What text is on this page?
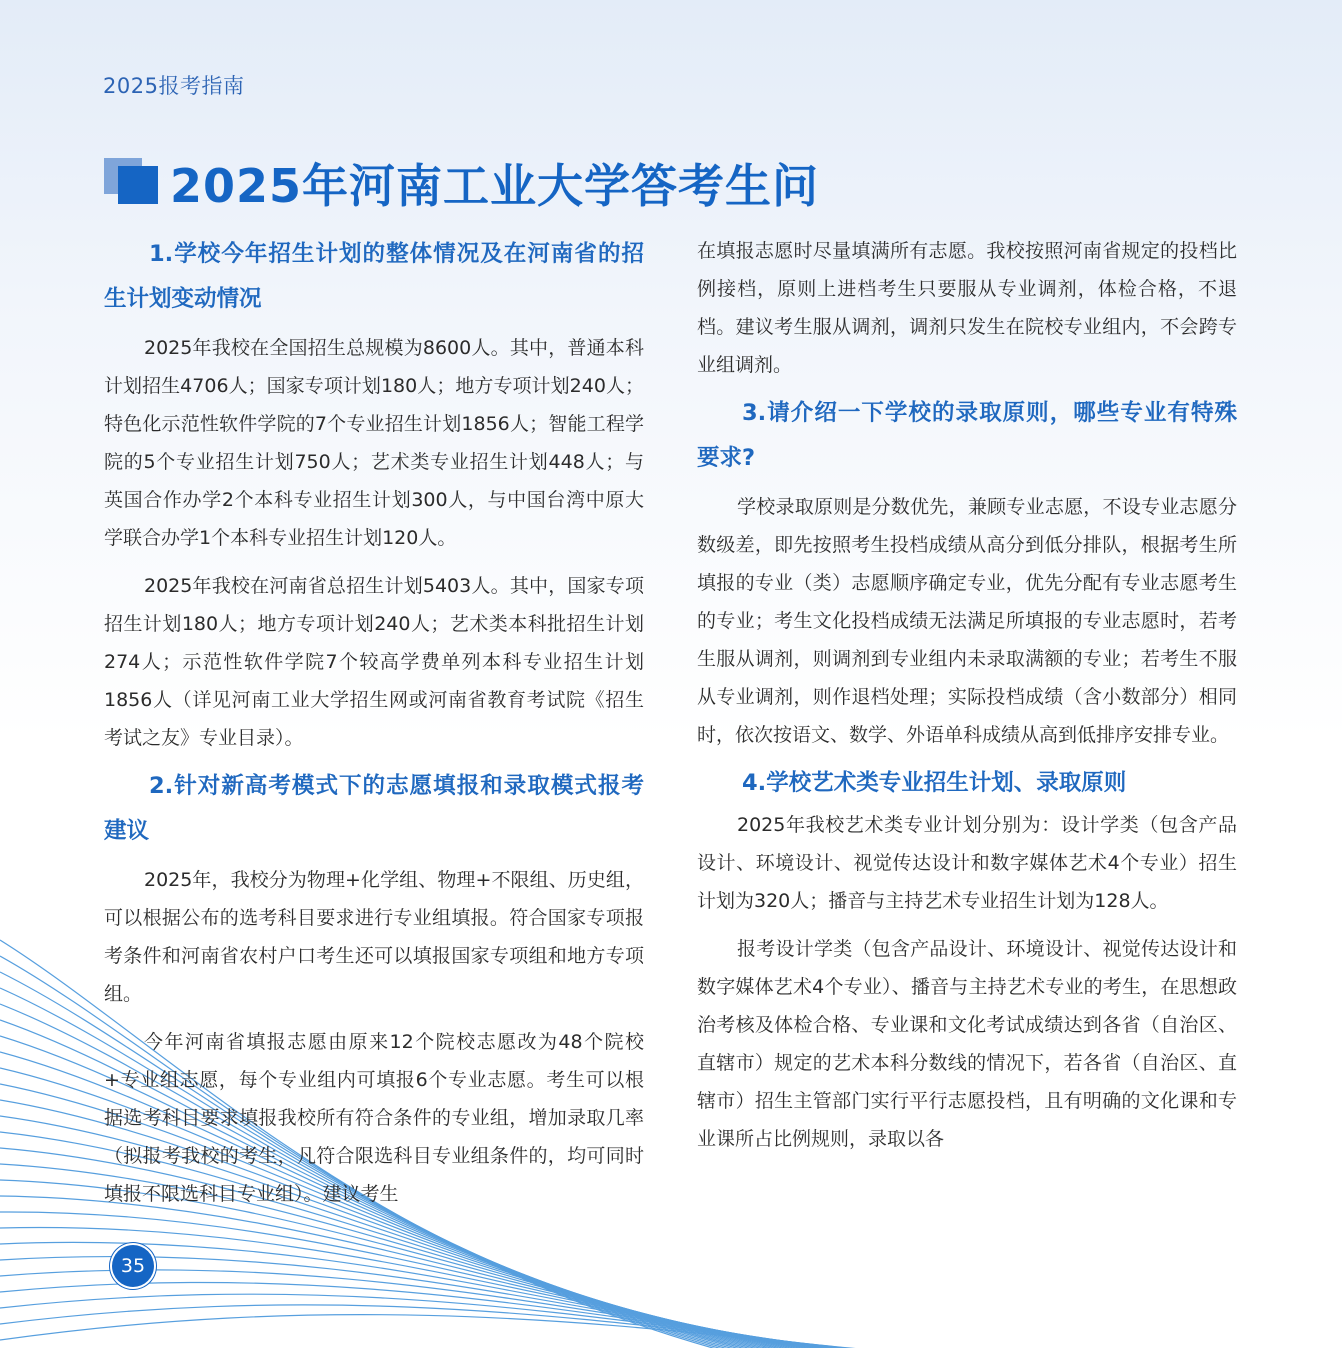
2025报考指南
2025年河南工业大学答考生问
1.学校今年招生计划的整体情况及在河南省的招生计划变动情况
2025年我校在全国招生总规模为8600人。其中，普通本科计划招生4706人；国家专项计划180人；地方专项计划240人；特色化示范性软件学院的7个专业招生计划1856人；智能工程学院的5个专业招生计划750人；艺术类专业招生计划448人；与英国合作办学2个本科专业招生计划300人，与中国台湾中原大学联合办学1个本科专业招生计划120人。
2025年我校在河南省总招生计划5403人。其中，国家专项招生计划180人；地方专项计划240人；艺术类本科批招生计划274人；示范性软件学院7个较高学费单列本科专业招生计划1856人（详见河南工业大学招生网或河南省教育考试院《招生考试之友》专业目录）。
2.针对新高考模式下的志愿填报和录取模式报考建议
2025年，我校分为物理+化学组、物理+不限组、历史组，可以根据公布的选考科目要求进行专业组填报。符合国家专项报考条件和河南省农村户口考生还可以填报国家专项组和地方专项组。
今年河南省填报志愿由原来12个院校志愿改为48个院校+专业组志愿，每个专业组内可填报6个专业志愿。考生可以根据选考科目要求填报我校所有符合条件的专业组，增加录取几率（拟报考我校的考生，凡符合限选科目专业组条件的，均可同时填报不限选科目专业组）。建议考生
在填报志愿时尽量填满所有志愿。我校按照河南省规定的投档比例接档，原则上进档考生只要服从专业调剂，体检合格，不退档。建议考生服从调剂，调剂只发生在院校专业组内，不会跨专业组调剂。
3.请介绍一下学校的录取原则，哪些专业有特殊要求?
学校录取原则是分数优先，兼顾专业志愿，不设专业志愿分数级差，即先按照考生投档成绩从高分到低分排队，根据考生所填报的专业（类）志愿顺序确定专业，优先分配有专业志愿考生的专业；考生文化投档成绩无法满足所填报的专业志愿时，若考生服从调剂，则调剂到专业组内未录取满额的专业；若考生不服从专业调剂，则作退档处理；实际投档成绩（含小数部分）相同时，依次按语文、数学、外语单科成绩从高到低排序安排专业。
4.学校艺术类专业招生计划、录取原则
2025年我校艺术类专业计划分别为：设计学类（包含产品设计、环境设计、视觉传达设计和数字媒体艺术4个专业）招生计划为320人；播音与主持艺术专业招生计划为128人。
报考设计学类（包含产品设计、环境设计、视觉传达设计和数字媒体艺术4个专业）、播音与主持艺术专业的考生，在思想政治考核及体检合格、专业课和文化考试成绩达到各省（自治区、直辖市）规定的艺术本科分数线的情况下，若各省（自治区、直辖市）招生主管部门实行平行志愿投档，且有明确的文化课和专业课所占比例规则，录取以各
35
